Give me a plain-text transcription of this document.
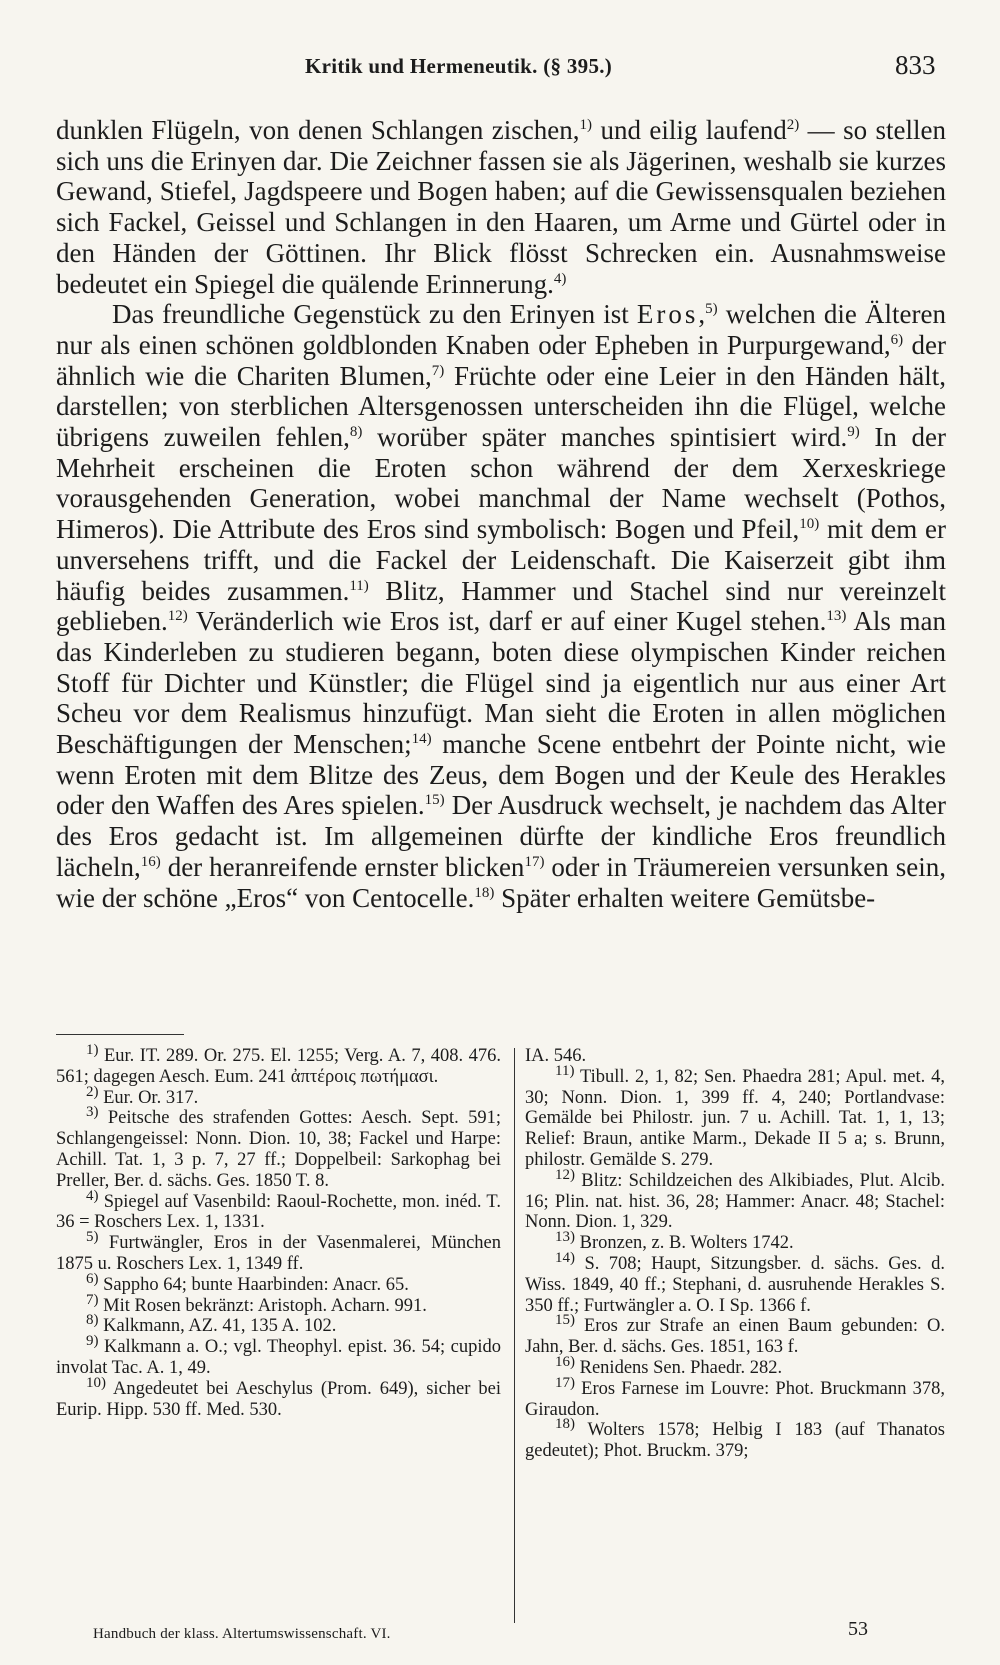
Kritik und Hermeneutik. (§ 395.)	833

dunklen Flügeln, von denen Schlangen zischen,$^{1)}$ und eilig laufend$^{2)}$ — so stellen sich uns die Erinyen dar. Die Zeichner fassen sie als Jägerinen, weshalb sie kurzes Gewand, Stiefel, Jagdspeere und Bogen haben; auf die Gewissensqualen beziehen sich Fackel, Geissel und Schlangen in den Haaren, um Arme und Gürtel oder in den Händen der Göttinen. Ihr Blick flösst Schrecken ein. Ausnahmsweise bedeutet ein Spiegel die quälende Erinnerung.$^{4)}$

Das freundliche Gegenstück zu den Erinyen ist Eros,$^{5)}$ welchen die Älteren nur als einen schönen goldblonden Knaben oder Epheben in Purpurgewand,$^{6)}$ der ähnlich wie die Chariten Blumen,$^{7)}$ Früchte oder eine Leier in den Händen hält, darstellen; von sterblichen Altersgenossen unterscheiden ihn die Flügel, welche übrigens zuweilen fehlen,$^{8)}$ worüber später manches spintisiert wird.$^{9)}$ In der Mehrheit erscheinen die Eroten schon während der dem Xerxeskriege vorausgehenden Generation, wobei manchmal der Name wechselt (Pothos, Himeros). Die Attribute des Eros sind symbolisch: Bogen und Pfeil,$^{10)}$ mit dem er unversehens trifft, und die Fackel der Leidenschaft. Die Kaiserzeit gibt ihm häufig beides zusammen.$^{11)}$ Blitz, Hammer und Stachel sind nur vereinzelt geblieben.$^{12)}$ Veränderlich wie Eros ist, darf er auf einer Kugel stehen.$^{13)}$ Als man das Kinderleben zu studieren begann, boten diese olympischen Kinder reichen Stoff für Dichter und Künstler; die Flügel sind ja eigentlich nur aus einer Art Scheu vor dem Realismus hinzufügt. Man sieht die Eroten in allen möglichen Beschäftigungen der Menschen;$^{14)}$ manche Scene entbehrt der Pointe nicht, wie wenn Eroten mit dem Blitze des Zeus, dem Bogen und der Keule des Herakles oder den Waffen des Ares spielen.$^{15)}$ Der Ausdruck wechselt, je nachdem das Alter des Eros gedacht ist. Im allgemeinen dürfte der kindliche Eros freundlich lächeln,$^{16)}$ der heranreifende ernster blicken$^{17)}$ oder in Träumereien versunken sein, wie der schöne „Eros“ von Centocelle.$^{18)}$ Später erhalten weitere Gemütsbe-

$^{1)}$ Eur. IT. 289. Or. 275. El. 1255; Verg. A. 7, 408. 476. 561; dagegen Aesch. Eum. 241 ἀπτέροις πωτήμασι.

$^{2)}$ Eur. Or. 317.

$^{3)}$ Peitsche des strafenden Gottes: Aesch. Sept. 591; Schlangengeissel: Nonn. Dion. 10, 38; Fackel und Harpe: Achill. Tat. 1, 3 p. 7, 27 ff.; Doppelbeil: Sarkophag bei Preller, Ber. d. sächs. Ges. 1850 T. 8.

$^{4)}$ Spiegel auf Vasenbild: Raoul-Rochette, mon. inéd. T. 36 = Roschers Lex. 1, 1331.

$^{5)}$ Furtwängler, Eros in der Vasenmalerei, München 1875 u. Roschers Lex. 1, 1349 ff.

$^{6)}$ Sappho 64; bunte Haarbinden: Anacr. 65.

$^{7)}$ Mit Rosen bekränzt: Aristoph. Acharn. 991.

$^{8)}$ Kalkmann, AZ. 41, 135 A. 102.

$^{9)}$ Kalkmann a. O.; vgl. Theophyl. epist. 36. 54; cupido involat Tac. A. 1, 49.

$^{10)}$ Angedeutet bei Aeschylus (Prom. 649), sicher bei Eurip. Hipp. 530 ff. Med. 530.

IA. 546.

$^{11)}$ Tibull. 2, 1, 82; Sen. Phaedra 281; Apul. met. 4, 30; Nonn. Dion. 1, 399 ff. 4, 240; Portlandvase: Gemälde bei Philostr. jun. 7 u. Achill. Tat. 1, 1, 13; Relief: Braun, antike Marm., Dekade II 5 a; s. Brunn, philostr. Gemälde S. 279.

$^{12)}$ Blitz: Schildzeichen des Alkibiades, Plut. Alcib. 16; Plin. nat. hist. 36, 28; Hammer: Anacr. 48; Stachel: Nonn. Dion. 1, 329.

$^{13)}$ Bronzen, z. B. Wolters 1742.

$^{14)}$ S. 708; Haupt, Sitzungsber. d. sächs. Ges. d. Wiss. 1849, 40 ff.; Stephani, d. ausruhende Herakles S. 350 ff.; Furtwängler a. O. I Sp. 1366 f.

$^{15)}$ Eros zur Strafe an einen Baum gebunden: O. Jahn, Ber. d. sächs. Ges. 1851, 163 f.

$^{16)}$ Renidens Sen. Phaedr. 282.

$^{17)}$ Eros Farnese im Louvre: Phot. Bruckmann 378, Giraudon.

$^{18)}$ Wolters 1578; Helbig I 183 (auf Thanatos gedeutet); Phot. Bruckm. 379;

Handbuch der klass. Altertumswissenschaft. VI.	53
